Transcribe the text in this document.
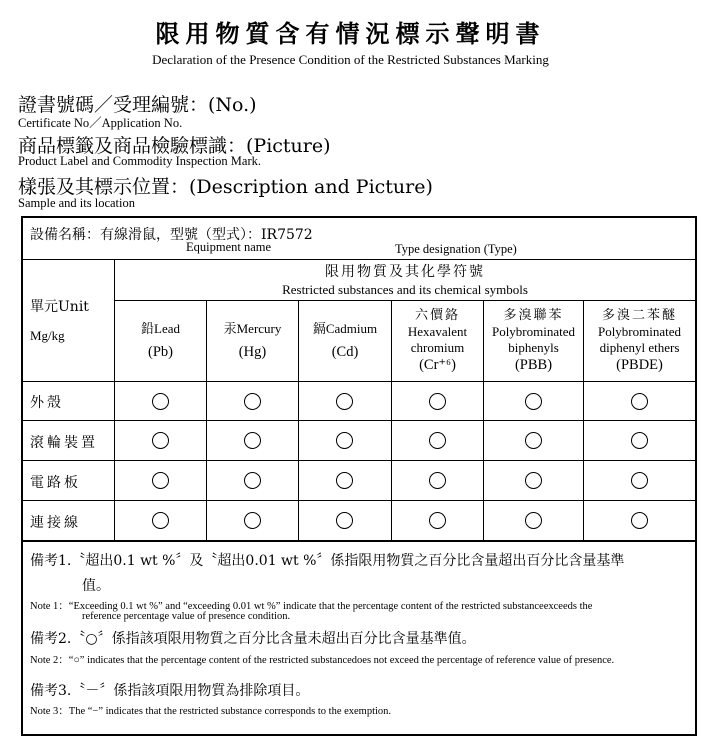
限用物質含有情況標示聲明書
Declaration of the Presence Condition of the Restricted Substances Marking
證書號碼／受理編號：(No.)
Certificate No／Application No.
商品標籤及商品檢驗標識：(Picture)
Product Label and Commodity Inspection Mark.
樣張及其標示位置：(Description and Picture)
Sample and its location
設備名稱：有線滑鼠，型號（型式）：IR7572
Equipment name	Type designation (Type)
單元Unit
Mg/kg
限用物質及其化學符號
Restricted substances and its chemical symbols
鉛Lead
(Pb)
汞Mercury
(Hg)
鎘Cadmium
(Cd)
六價鉻
Hexavalent
chromium
(Cr⁺⁶)
多溴聯苯
Polybrominated
biphenyls
(PBB)
多溴二苯醚
Polybrominated
diphenyl ethers
(PBDE)
外殼
滾輪裝置
電路板
連接線
備考1.〝超出0.1 wt %〞及〝超出0.01 wt %〞係指限用物質之百分比含量超出百分比含量基準
值。
Note 1：“Exceeding 0.1 wt %” and “exceeding 0.01 wt %” indicate that the percentage content of the restricted substanceexceeds the
reference percentage value of presence condition.
備考2.〝○〞係指該項限用物質之百分比含量未超出百分比含量基準值。
Note 2：“○” indicates that the percentage content of the restricted substancedoes not exceed the percentage of reference value of presence.
備考3.〝－〞係指該項限用物質為排除項目。
Note 3：The “−” indicates that the restricted substance corresponds to the exemption.
